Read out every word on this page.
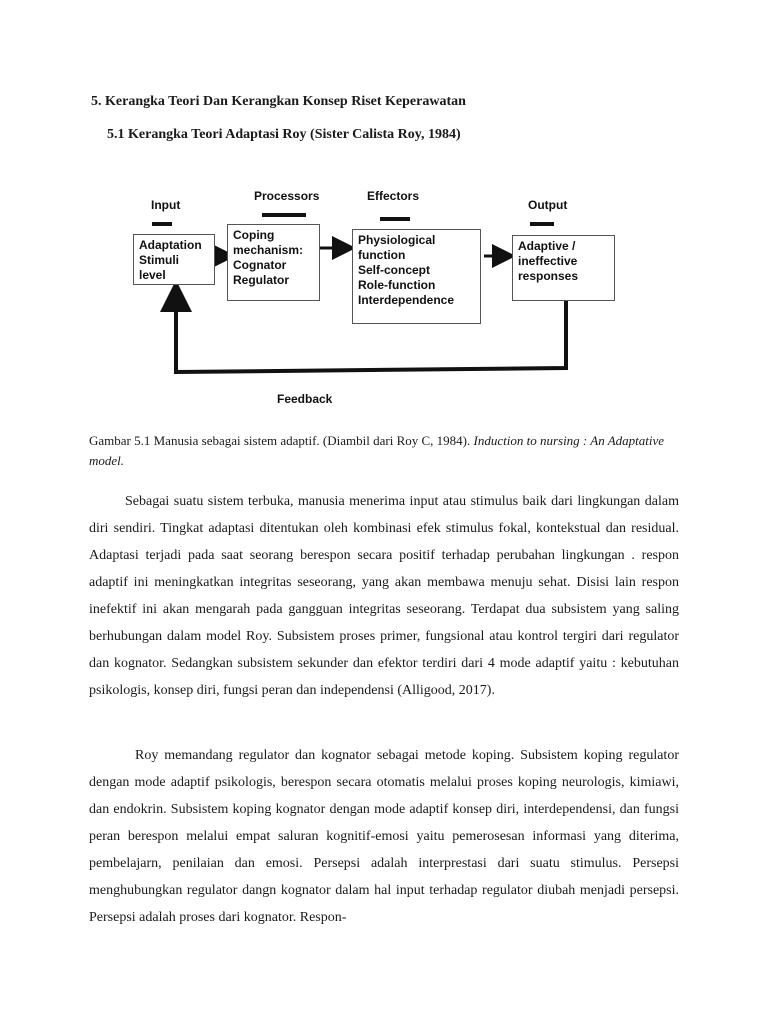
5. Kerangka Teori Dan Kerangkan Konsep Riset Keperawatan
5.1 Kerangka Teori Adaptasi Roy (Sister Calista Roy, 1984)
Input
Processors	Effectors
Output
Feedback
Adaptation
Stimuli
level
Coping
mechanism:
Cognator
Regulator
Physiological
function
Self-concept
Role-function
Interdependence
Adaptive /
ineffective
responses
Gambar 5.1 Manusia sebagai sistem adaptif. (Diambil dari Roy C, 1984). Induction to nursing : An Adaptative model.

Sebagai suatu sistem terbuka, manusia menerima input atau stimulus baik dari lingkungan dalam diri sendiri. Tingkat adaptasi ditentukan oleh kombinasi efek stimulus fokal, kontekstual dan residual. Adaptasi terjadi pada saat seorang berespon secara positif terhadap perubahan lingkungan . respon adaptif ini meningkatkan integritas seseorang, yang akan membawa menuju sehat. Disisi lain respon inefektif ini akan mengarah pada gangguan integritas seseorang. Terdapat dua subsistem yang saling berhubungan dalam model Roy. Subsistem proses primer, fungsional atau kontrol tergiri dari regulator dan kognator. Sedangkan subsistem sekunder dan efektor terdiri dari 4 mode adaptif yaitu : kebutuhan psikologis, konsep diri, fungsi peran dan independensi (Alligood, 2017).

Roy memandang regulator dan kognator sebagai metode koping. Subsistem koping regulator dengan mode adaptif psikologis, berespon secara otomatis melalui proses koping neurologis, kimiawi, dan endokrin. Subsistem koping kognator dengan mode adaptif konsep diri, interdependensi, dan fungsi peran berespon melalui empat saluran kognitif-emosi yaitu pemerosesan informasi yang diterima, pembelajarn, penilaian dan emosi. Persepsi adalah interprestasi dari suatu stimulus. Persepsi menghubungkan regulator dangn kognator dalam hal input terhadap regulator diubah menjadi persepsi. Persepsi adalah proses dari kognator. Respon-
